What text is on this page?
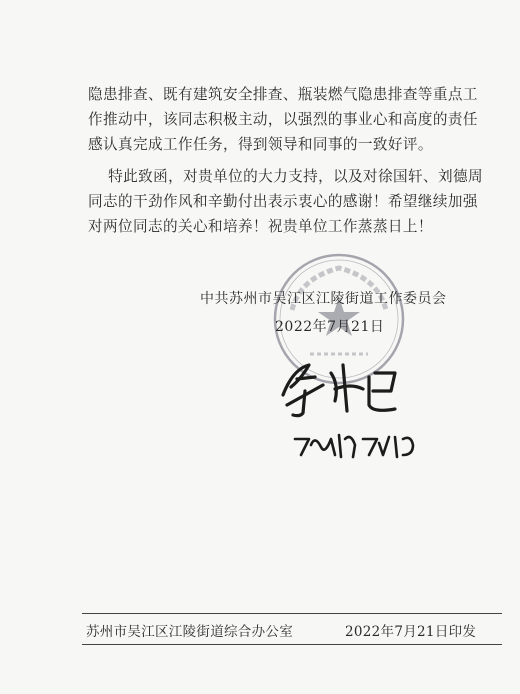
隐患排查、既有建筑安全排查、瓶装燃气隐患排查等重点工作推动中，该同志积极主动，以强烈的事业心和高度的责任感认真完成工作任务，得到领导和同事的一致好评。
特此致函，对贵单位的大力支持，以及对徐国轩、刘德周同志的干劲作风和辛勤付出表示衷心的感谢！希望继续加强对两位同志的关心和培养！祝贵单位工作蒸蒸日上！
中共苏州市吴江区江陵街道工作委员会
2022年7月21日
苏州市吴江区江陵街道综合办公室	2022年7月21日印发
